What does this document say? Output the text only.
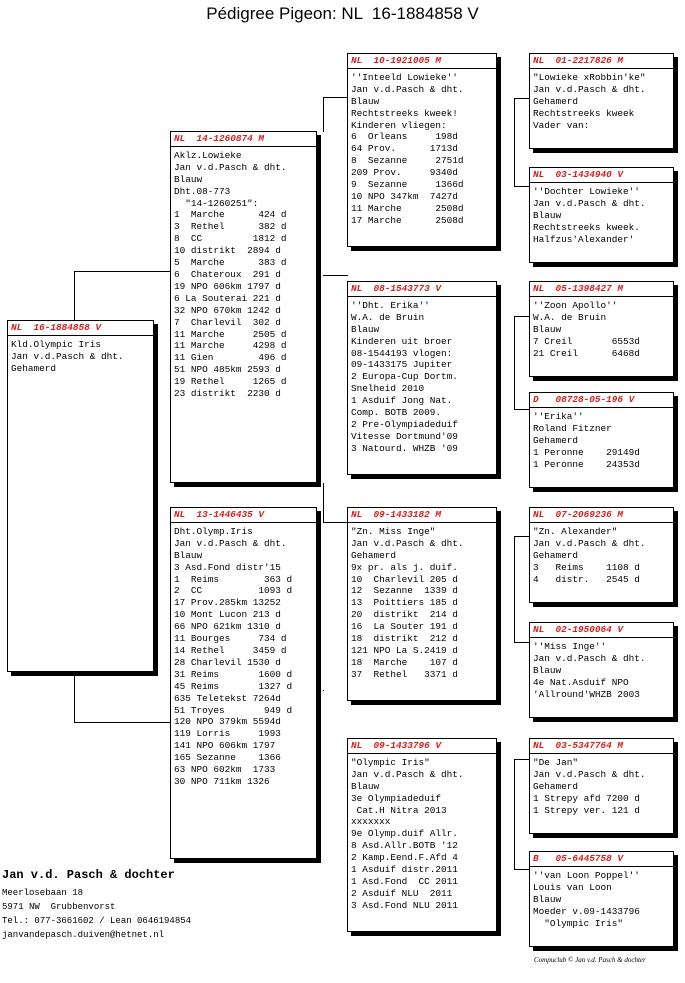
Pédigree Pigeon: NL  16-1884858 V
NL  16-1884858 V
Kld.Olympic Iris
Jan v.d.Pasch & dht.
Gehamerd
NL  14-1260874 M
Aklz.Lowieke
Jan v.d.Pasch & dht.
Blauw
Dht.08-773
"14-1260251":
1  Marche      424 d
3  Rethel      382 d
8  CC         1812 d
10 distrikt  2894 d
5  Marche      383 d
6  Chateroux  291 d
19 NPO 606km 1797 d
6 La Souterai 221 d
32 NPO 670km 1242 d
7  Charlevil  302 d
11 Marche     2505 d
11 Marche     4298 d
11 Gien        496 d
51 NPO 485km 2593 d
19 Rethel     1265 d
23 distrikt  2230 d
NL  13-1446435 V
Dht.Olymp.Iris
Jan v.d.Pasch & dht.
Blauw
3 Asd.Fond distr'15
1  Reims        363 d
2  CC          1093 d
17 Prov.285km 13252
10 Mont Lucon 213 d
66 NPO 621km 1310 d
11 Bourges     734 d
14 Rethel     3459 d
28 Charlevil 1530 d
31 Reims       1600 d
45 Reims       1327 d
635 Teletekst 7264d
51 Troyes       949 d
120 NPO 379km 5594d
119 Lorris     1993
141 NPO 606km 1797
165 Sezanne    1366
63 NPO 602km  1733
30 NPO 711km 1326
NL  10-1921005 M
''Inteeld Lowieke''
Jan v.d.Pasch & dht.
Blauw
Rechtstreeks kweek!
Kinderen vliegen:
6  Orleans     198d
64 Prov.      1713d
8  Sezanne     2751d
209 Prov.     9340d
9  Sezanne     1366d
10 NPO 347km  7427d
11 Marche      2508d
17 Marche      2508d
NL  08-1543773 V
''Dht. Erika''
W.A. de Bruin
Blauw
Kinderen uit broer
08-1544193 vlogen:
09-1433175 Jupiter
2 Europa-Cup Dortm.
Snelheid 2010
1 Asduif Jong Nat.
Comp. BOTB 2009.
2 Pre-Olympiadeduif
Vitesse Dortmund'09
3 Natourd. WHZB '09
NL  09-1433182 M
"Zn. Miss Inge"
Jan v.d.Pasch & dht.
Gehamerd
9x pr. als j. duif.
10  Charlevil 205 d
12  Sezanne  1339 d
13  Poittiers 185 d
20  distrikt  214 d
16  La Souter 191 d
18  distrikt  212 d
121 NPO La S.2419 d
18  Marche    107 d
37  Rethel   3371 d
NL  09-1433796 V
"Olympic Iris"
Jan v.d.Pasch & dht.
Blauw
3e Olympiadeduif
Cat.H Nitra 2013
xxxxxxx
9e Olymp.duif Allr.
8 Asd.Allr.BOTB '12
2 Kamp.Eend.F.Afd 4
1 Asduif distr.2011
1 Asd.Fond  CC 2011
2 Asduif NLU  2011
3 Asd.Fond NLU 2011
NL  01-2217826 M
"Lowieke xRobbin'ke"
Jan v.d.Pasch & dht.
Gehamerd
Rechtstreeks kweek
Vader van:
NL  03-1434940 V
''Dochter Lowieke''
Jan v.d.Pasch & dht.
Blauw
Rechtstreeks kweek.
Halfzus'Alexander'
NL  05-1398427 M
''Zoon Apollo''
W.A. de Bruin
Blauw
7 Creil       6553d
21 Creil      6468d
D   08728-05-196 V
''Erika''
Roland Fitzner
Gehamerd
1 Peronne    29149d
1 Peronne    24353d
NL  07-2069236 M
"Zn. Alexander"
Jan v.d.Pasch & dht.
Gehamerd
3   Reims    1108 d
4   distr.   2545 d
NL  02-1950064 V
''Miss Inge''
Jan v.d.Pasch & dht.
Blauw
4e Nat.Asduif NPO
'Allround'WHZB 2003
NL  03-5347764 M
"De Jan"
Jan v.d.Pasch & dht.
Gehamerd
1 Strepy afd 7200 d
1 Strepy ver. 121 d
B   05-6445758 V
''van Loon Poppel''
Louis van Loon
Blauw
Moeder v.09-1433796
"Olympic Iris"
Jan v.d. Pasch & dochter
Meerlosebaan 18
5971 NW  Grubbenvorst
Tel.: 077-3661602 / Lean 0646194854
janvandepasch.duiven@hetnet.nl
Compuclub © Jan v.d. Pasch & dochter
